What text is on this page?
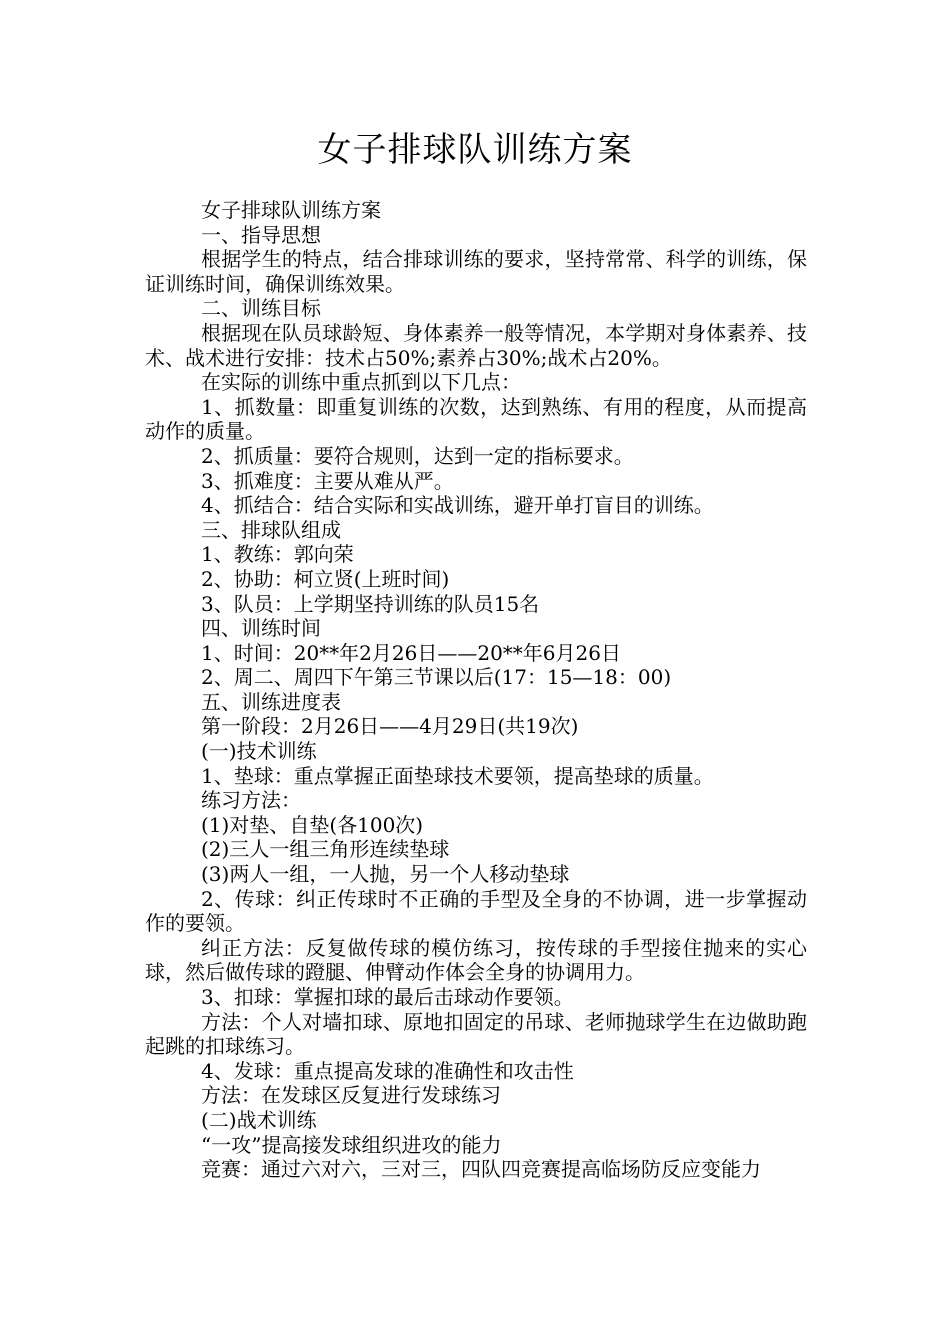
女子排球队训练方案
女子排球队训练方案
一、指导思想
根据学生的特点，结合排球训练的要求，坚持常常、科学的训练，保证训练时间，确保训练效果。
二、训练目标
根据现在队员球龄短、身体素养一般等情况，本学期对身体素养、技术、战术进行安排：技术占50%;素养占30%;战术占20%。
在实际的训练中重点抓到以下几点：
1、抓数量：即重复训练的次数，达到熟练、有用的程度，从而提高动作的质量。
2、抓质量：要符合规则，达到一定的指标要求。
3、抓难度：主要从难从严。
4、抓结合：结合实际和实战训练，避开单打盲目的训练。
三、排球队组成
1、教练：郭向荣
2、协助：柯立贤(上班时间)
3、队员：上学期坚持训练的队员15名
四、训练时间
1、时间：20**年2月26日——20**年6月26日
2、周二、周四下午第三节课以后(17：15—18：00)
五、训练进度表
第一阶段：2月26日——4月29日(共19次)
(一)技术训练
1、垫球：重点掌握正面垫球技术要领，提高垫球的质量。
练习方法：
(1)对垫、自垫(各100次)
(2)三人一组三角形连续垫球
(3)两人一组，一人抛，另一个人移动垫球
2、传球：纠正传球时不正确的手型及全身的不协调，进一步掌握动作的要领。
纠正方法：反复做传球的模仿练习，按传球的手型接住抛来的实心球，然后做传球的蹬腿、伸臂动作体会全身的协调用力。
3、扣球：掌握扣球的最后击球动作要领。
方法：个人对墙扣球、原地扣固定的吊球、老师抛球学生在边做助跑起跳的扣球练习。
4、发球：重点提高发球的准确性和攻击性
方法：在发球区反复进行发球练习
(二)战术训练
“一攻”提高接发球组织进攻的能力
竞赛：通过六对六，三对三，四队四竞赛提高临场防反应变能力
